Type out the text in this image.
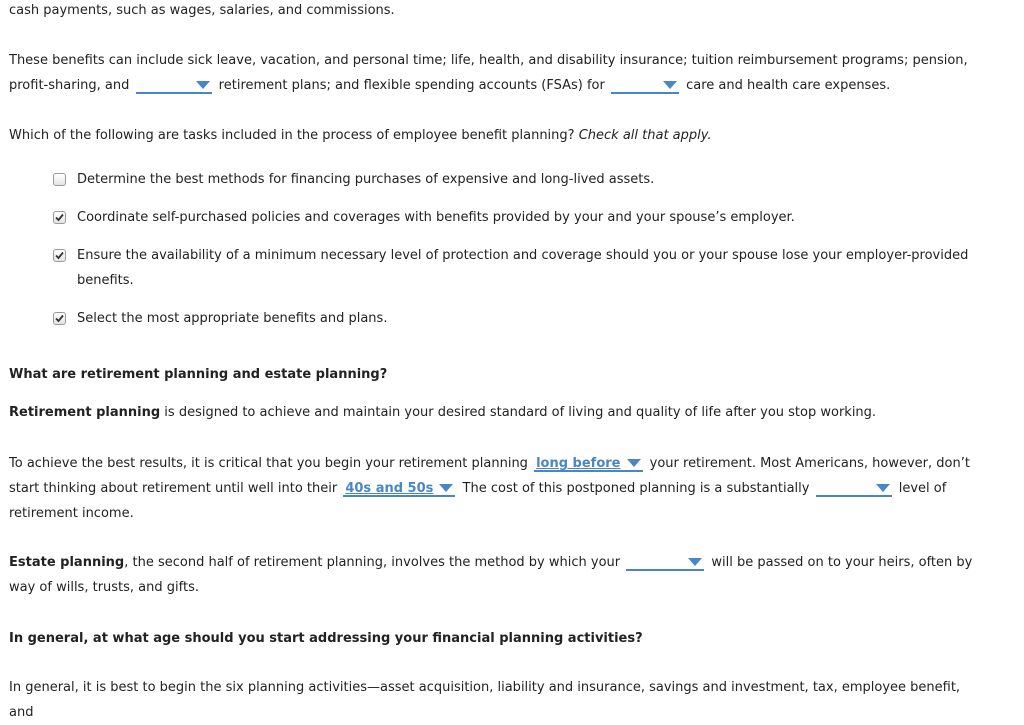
cash payments, such as wages, salaries, and commissions.

These benefits can include sick leave, vacation, and personal time; life, health, and disability insurance; tuition reimbursement programs; pension, profit-sharing, and	retirement plans; and flexible spending accounts (FSAs) for	care and health care expenses.

Which of the following are tasks included in the process of employee benefit planning? Check all that apply.

Determine the best methods for financing purchases of expensive and long-lived assets.
Coordinate self-purchased policies and coverages with benefits provided by your and your spouse’s employer.
Ensure the availability of a minimum necessary level of protection and coverage should you or your spouse lose your employer-provided benefits.
Select the most appropriate benefits and plans.

What are retirement planning and estate planning?

Retirement planning is designed to achieve and maintain your desired standard of living and quality of life after you stop working.

To achieve the best results, it is critical that you begin your retirement planning long before your retirement. Most Americans, however, don’t start thinking about retirement until well into their 40s and 50s The cost of this postponed planning is a substantially	level of retirement income.

Estate planning, the second half of retirement planning, involves the method by which your	will be passed on to your heirs, often by way of wills, trusts, and gifts.

In general, at what age should you start addressing your financial planning activities?

In general, it is best to begin the six planning activities—asset acquisition, liability and insurance, savings and investment, tax, employee benefit, and
